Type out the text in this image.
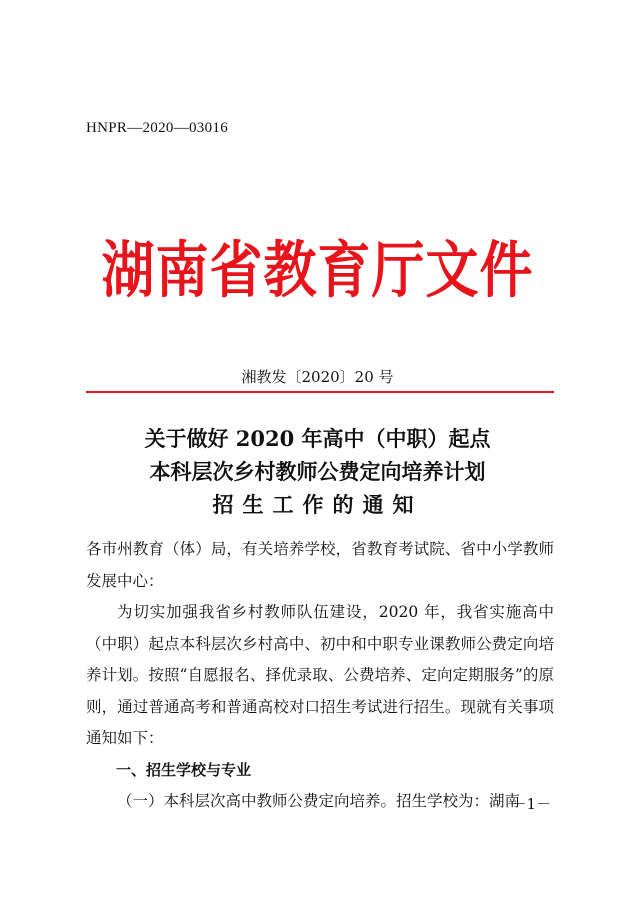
HNPR—2020—03016
湖南省教育厅文件
湘教发〔2020〕20 号
关于做好 2020 年高中（中职）起点
本科层次乡村教师公费定向培养计划
招生工作的通知

各市州教育（体）局，有关培养学校，省教育考试院、省中小学教师发展中心：

为切实加强我省乡村教师队伍建设，2020 年，我省实施高中（中职）起点本科层次乡村高中、初中和中职专业课教师公费定向培养计划。按照“自愿报名、择优录取、公费培养、定向定期服务”的原则，通过普通高考和普通高校对口招生考试进行招生。现就有关事项通知如下：

一、招生学校与专业

（一）本科层次高中教师公费定向培养。招生学校为：湖南

－1－
